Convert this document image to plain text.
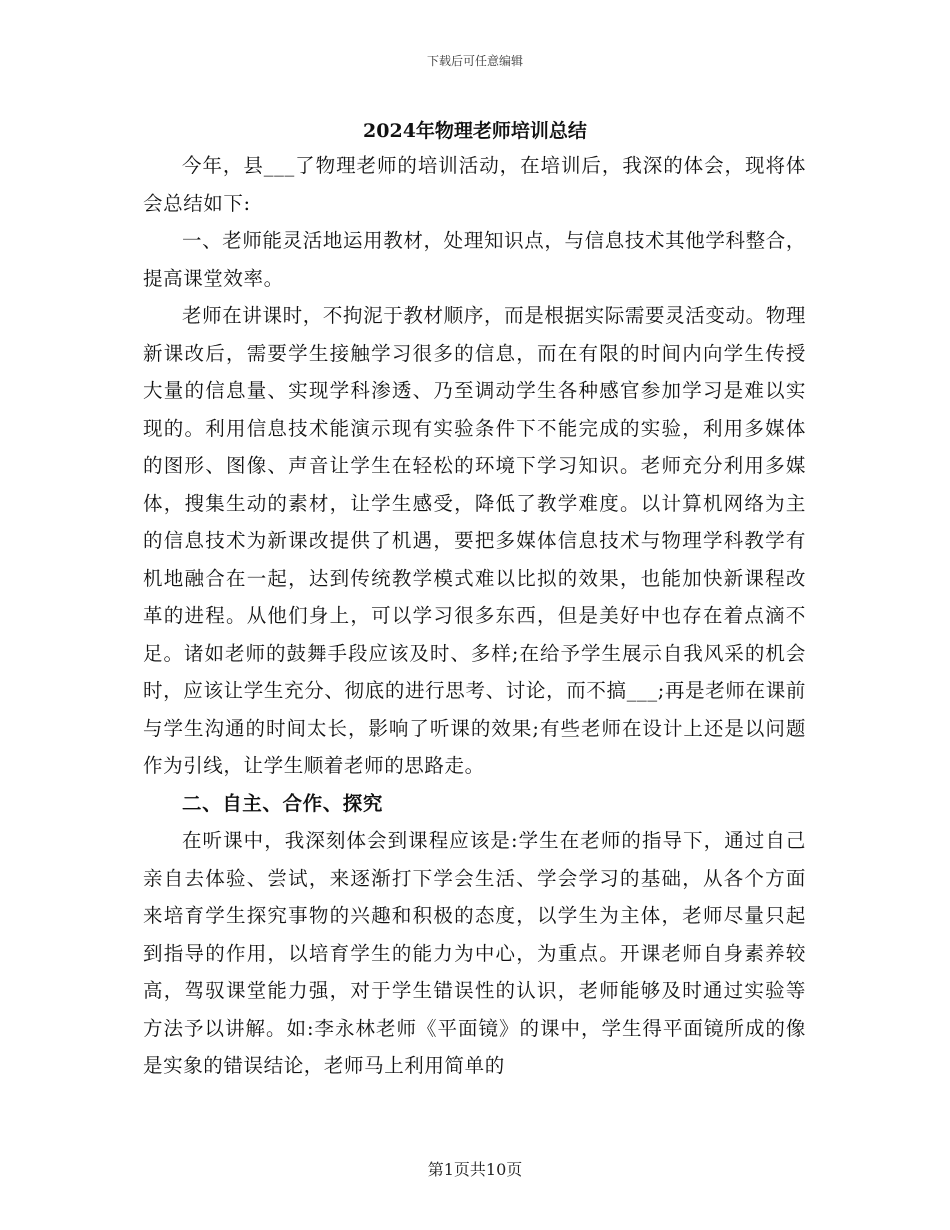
下载后可任意编辑
2024年物理老师培训总结

今年，县___了物理老师的培训活动，在培训后，我深的体会，现将体会总结如下:

一、老师能灵活地运用教材，处理知识点，与信息技术其他学科整合，提高课堂效率。

老师在讲课时，不拘泥于教材顺序，而是根据实际需要灵活变动。物理新课改后，需要学生接触学习很多的信息，而在有限的时间内向学生传授大量的信息量、实现学科渗透、乃至调动学生各种感官参加学习是难以实现的。利用信息技术能演示现有实验条件下不能完成的实验，利用多媒体的图形、图像、声音让学生在轻松的环境下学习知识。老师充分利用多媒体，搜集生动的素材，让学生感受，降低了教学难度。以计算机网络为主的信息技术为新课改提供了机遇，要把多媒体信息技术与物理学科教学有机地融合在一起，达到传统教学模式难以比拟的效果，也能加快新课程改革的进程。从他们身上，可以学习很多东西，但是美好中也存在着点滴不足。诸如老师的鼓舞手段应该及时、多样;在给予学生展示自我风采的机会时，应该让学生充分、彻底的进行思考、讨论，而不搞___;再是老师在课前与学生沟通的时间太长，影响了听课的效果;有些老师在设计上还是以问题作为引线，让学生顺着老师的思路走。

二、自主、合作、探究

在听课中，我深刻体会到课程应该是:学生在老师的指导下，通过自己亲自去体验、尝试，来逐渐打下学会生活、学会学习的基础，从各个方面来培育学生探究事物的兴趣和积极的态度，以学生为主体，老师尽量只起到指导的作用，以培育学生的能力为中心，为重点。开课老师自身素养较高，驾驭课堂能力强，对于学生错误性的认识，老师能够及时通过实验等方法予以讲解。如:李永林老师《平面镜》的课中，学生得平面镜所成的像是实象的错误结论，老师马上利用简单的

第1页共10页
